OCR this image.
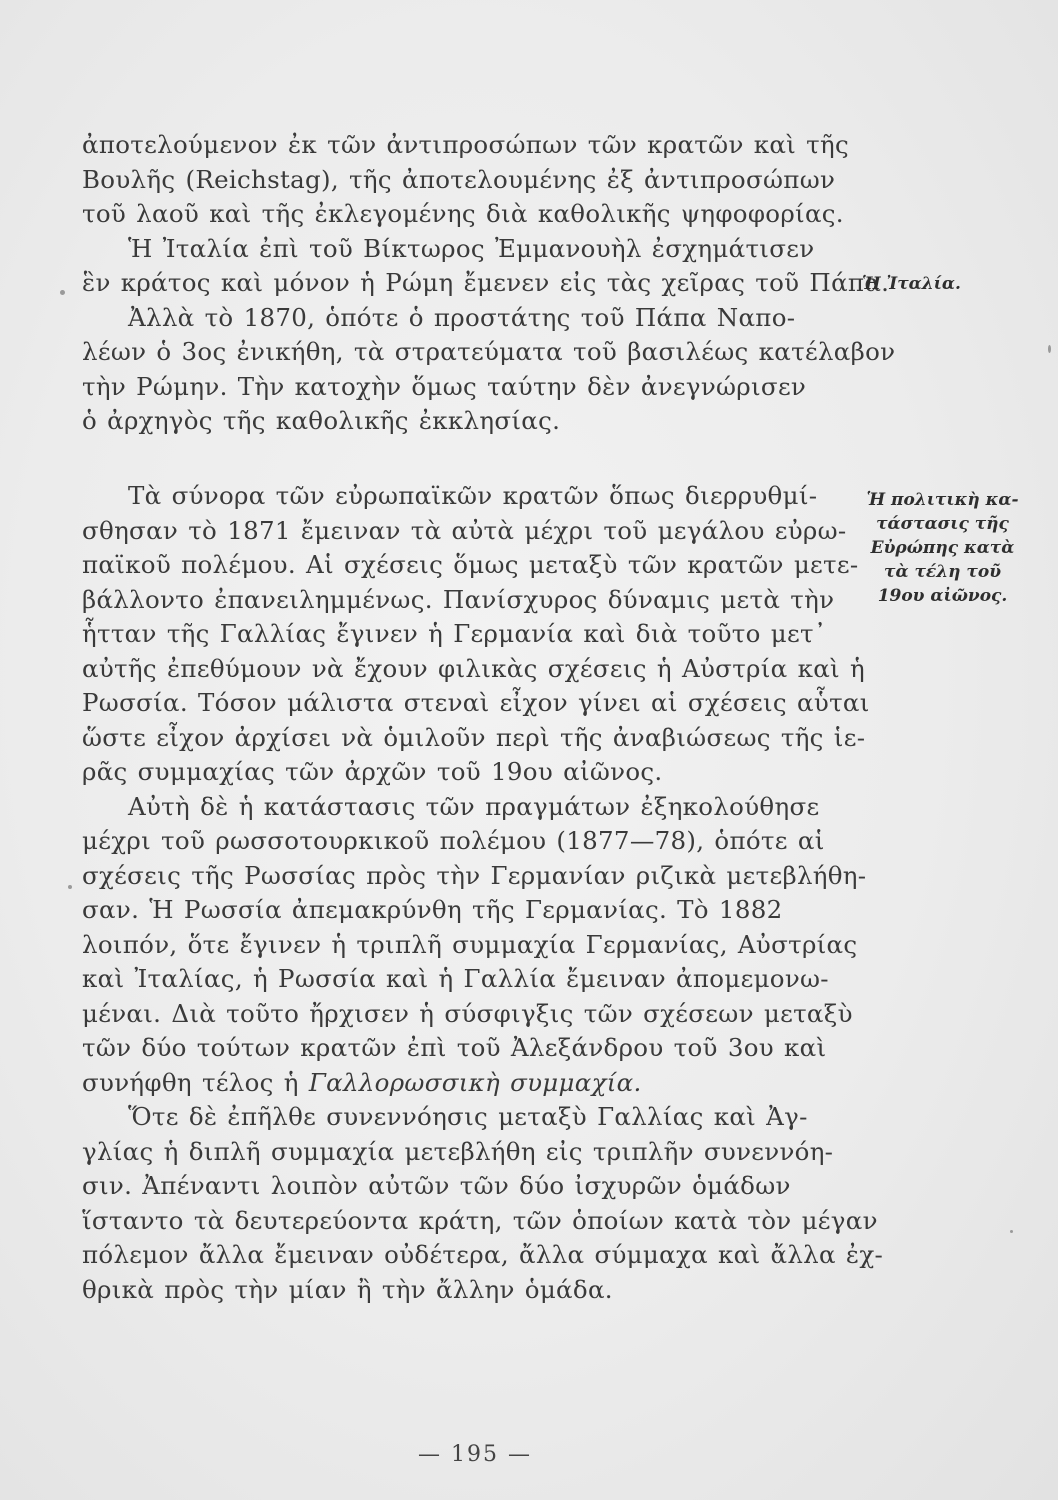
ἀποτελούμενον ἐκ τῶν ἀντιπροσώπων τῶν κρατῶν καὶ τῆς
Βουλῆς (Reichstag), τῆς ἀποτελουμένης ἐξ ἀντιπροσώπων
τοῦ λαοῦ καὶ τῆς ἐκλεγομένης διὰ καθολικῆς ψηφοφορίας.
Ἡ Ἰταλία ἐπὶ τοῦ Βίκτωρος Ἐμμανουὴλ ἐσχημάτισεν
ἓν κράτος καὶ μόνον ἡ Ρώμη ἔμενεν εἰς τὰς χεῖρας τοῦ Πάπα.
Ἀλλὰ τὸ 1870, ὁπότε ὁ προστάτης τοῦ Πάπα Ναπο-
λέων ὁ 3ος ἐνικήθη, τὰ στρατεύματα τοῦ βασιλέως κατέλαβον
τὴν Ρώμην. Τὴν κατοχὴν ὅμως ταύτην δὲν ἀνεγνώρισεν
ὁ ἀρχηγὸς τῆς καθολικῆς ἐκκλησίας.
Τὰ σύνορα τῶν εὐρωπαϊκῶν κρατῶν ὅπως διερρυθμί-
σθησαν τὸ 1871 ἔμειναν τὰ αὐτὰ μέχρι τοῦ μεγάλου εὐρω-
παϊκοῦ πολέμου. Αἱ σχέσεις ὅμως μεταξὺ τῶν κρατῶν μετε-
βάλλοντο ἐπανειλημμένως. Πανίσχυρος δύναμις μετὰ τὴν
ἧτταν τῆς Γαλλίας ἔγινεν ἡ Γερμανία καὶ διὰ τοῦτο μετ᾽
αὐτῆς ἐπεθύμουν νὰ ἔχουν φιλικὰς σχέσεις ἡ Αὐστρία καὶ ἡ
Ρωσσία. Τόσον μάλιστα στεναὶ εἶχον γίνει αἱ σχέσεις αὗται
ὥστε εἶχον ἀρχίσει νὰ ὁμιλοῦν περὶ τῆς ἀναβιώσεως τῆς ἱε-
ρᾶς συμμαχίας τῶν ἀρχῶν τοῦ 19ου αἰῶνος.
Αὐτὴ δὲ ἡ κατάστασις τῶν πραγμάτων ἐξηκολούθησε
μέχρι τοῦ ρωσσοτουρκικοῦ πολέμου (1877—78), ὁπότε αἱ
σχέσεις τῆς Ρωσσίας πρὸς τὴν Γερμανίαν ριζικὰ μετεβλήθη-
σαν. Ἡ Ρωσσία ἀπεμακρύνθη τῆς Γερμανίας. Τὸ 1882
λοιπόν, ὅτε ἔγινεν ἡ τριπλῆ συμμαχία Γερμανίας, Αὐστρίας
καὶ Ἰταλίας, ἡ Ρωσσία καὶ ἡ Γαλλία ἔμειναν ἀπομεμονω-
μέναι. Διὰ τοῦτο ἤρχισεν ἡ σύσφιγξις τῶν σχέσεων μεταξὺ
τῶν δύο τούτων κρατῶν ἐπὶ τοῦ Ἀλεξάνδρου τοῦ 3ου καὶ
συνήφθη τέλος ἡ Γαλλορωσσικὴ συμμαχία.
Ὅτε δὲ ἐπῆλθε συνεννόησις μεταξὺ Γαλλίας καὶ Ἀγ-
γλίας ἡ διπλῆ συμμαχία μετεβλήθη εἰς τριπλῆν συνεννόη-
σιν. Ἀπέναντι λοιπὸν αὐτῶν τῶν δύο ἰσχυρῶν ὁμάδων
ἵσταντο τὰ δευτερεύοντα κράτη, τῶν ὁποίων κατὰ τὸν μέγαν
πόλεμον ἄλλα ἔμειναν οὐδέτερα, ἄλλα σύμμαχα καὶ ἄλλα ἐχ-
θρικὰ πρὸς τὴν μίαν ἢ τὴν ἄλλην ὁμάδα.
Ἡ Ἰταλία.
Ἡ πολιτικὴ κα-
τάστασις τῆς
Εὐρώπης κατὰ
τὰ τέλη τοῦ
19ου αἰῶνος.
— 195 —
